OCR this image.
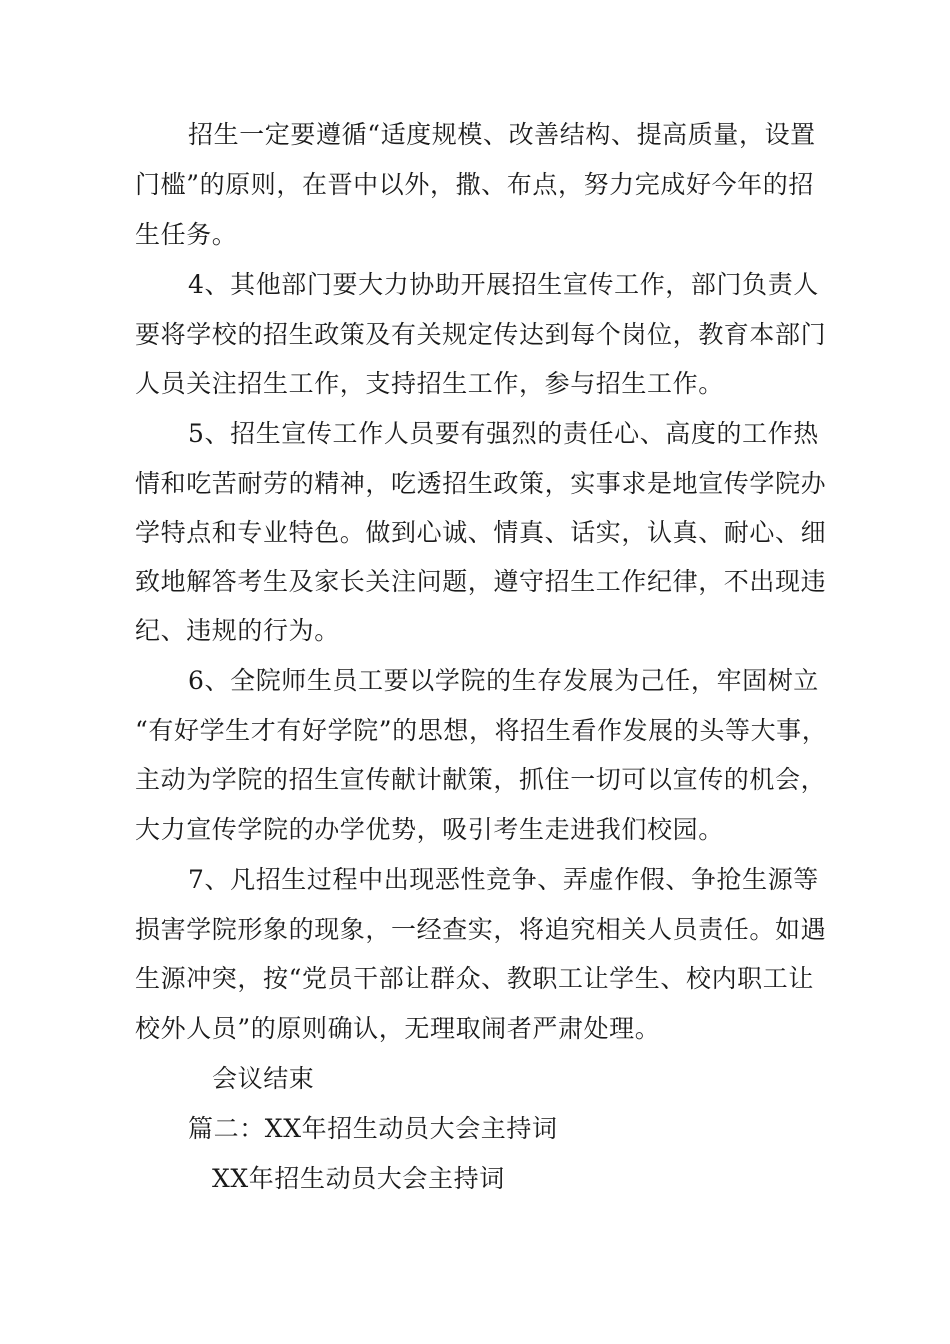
招生一定要遵循“适度规模、改善结构、提高质量，设置
门槛”的原则，在晋中以外，撒、布点，努力完成好今年的招
生任务。
4、其他部门要大力协助开展招生宣传工作，部门负责人
要将学校的招生政策及有关规定传达到每个岗位，教育本部门
人员关注招生工作，支持招生工作，参与招生工作。
5、招生宣传工作人员要有强烈的责任心、高度的工作热
情和吃苦耐劳的精神，吃透招生政策，实事求是地宣传学院办
学特点和专业特色。做到心诚、情真、话实，认真、耐心、细
致地解答考生及家长关注问题，遵守招生工作纪律，不出现违
纪、违规的行为。
6、全院师生员工要以学院的生存发展为己任，牢固树立
“有好学生才有好学院”的思想，将招生看作发展的头等大事，
主动为学院的招生宣传献计献策，抓住一切可以宣传的机会，
大力宣传学院的办学优势，吸引考生走进我们校园。
7、凡招生过程中出现恶性竞争、弄虚作假、争抢生源等
损害学院形象的现象，一经查实，将追究相关人员责任。如遇
生源冲突，按“党员干部让群众、教职工让学生、校内职工让
校外人员”的原则确认，无理取闹者严肃处理。
会议结束
篇二：XX年招生动员大会主持词
XX年招生动员大会主持词
